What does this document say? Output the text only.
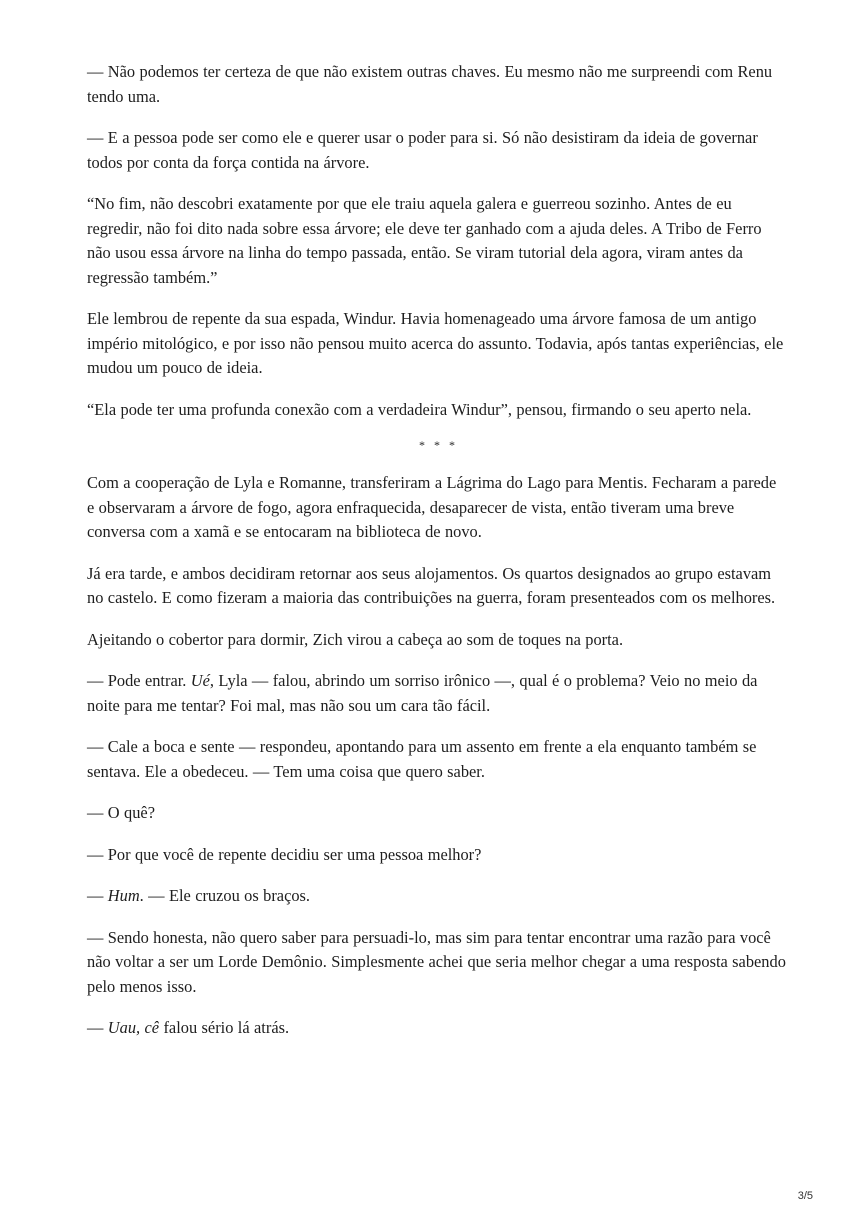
— Não podemos ter certeza de que não existem outras chaves. Eu mesmo não me surpreendi com Renu tendo uma.

— E a pessoa pode ser como ele e querer usar o poder para si. Só não desistiram da ideia de governar todos por conta da força contida na árvore.

“No fim, não descobri exatamente por que ele traiu aquela galera e guerreou sozinho. Antes de eu regredir, não foi dito nada sobre essa árvore; ele deve ter ganhado com a ajuda deles. A Tribo de Ferro não usou essa árvore na linha do tempo passada, então. Se viram tutorial dela agora, viram antes da regressão também.”

Ele lembrou de repente da sua espada, Windur. Havia homenageado uma árvore famosa de um antigo império mitológico, e por isso não pensou muito acerca do assunto. Todavia, após tantas experiências, ele mudou um pouco de ideia.

“Ela pode ter uma profunda conexão com a verdadeira Windur”, pensou, firmando o seu aperto nela.

* * *

Com a cooperação de Lyla e Romanne, transferiram a Lágrima do Lago para Mentis. Fecharam a parede e observaram a árvore de fogo, agora enfraquecida, desaparecer de vista, então tiveram uma breve conversa com a xamã e se entocaram na biblioteca de novo.

Já era tarde, e ambos decidiram retornar aos seus alojamentos. Os quartos designados ao grupo estavam no castelo. E como fizeram a maioria das contribuições na guerra, foram presenteados com os melhores.

Ajeitando o cobertor para dormir, Zich virou a cabeça ao som de toques na porta.

— Pode entrar. Ué, Lyla — falou, abrindo um sorriso irônico —, qual é o problema? Veio no meio da noite para me tentar? Foi mal, mas não sou um cara tão fácil.

— Cale a boca e sente — respondeu, apontando para um assento em frente a ela enquanto também se sentava. Ele a obedeceu. — Tem uma coisa que quero saber.

— O quê?

— Por que você de repente decidiu ser uma pessoa melhor?

— Hum. — Ele cruzou os braços.

— Sendo honesta, não quero saber para persuadi-lo, mas sim para tentar encontrar uma razão para você não voltar a ser um Lorde Demônio. Simplesmente achei que seria melhor chegar a uma resposta sabendo pelo menos isso.

— Uau, cê falou sério lá atrás.

3/5
